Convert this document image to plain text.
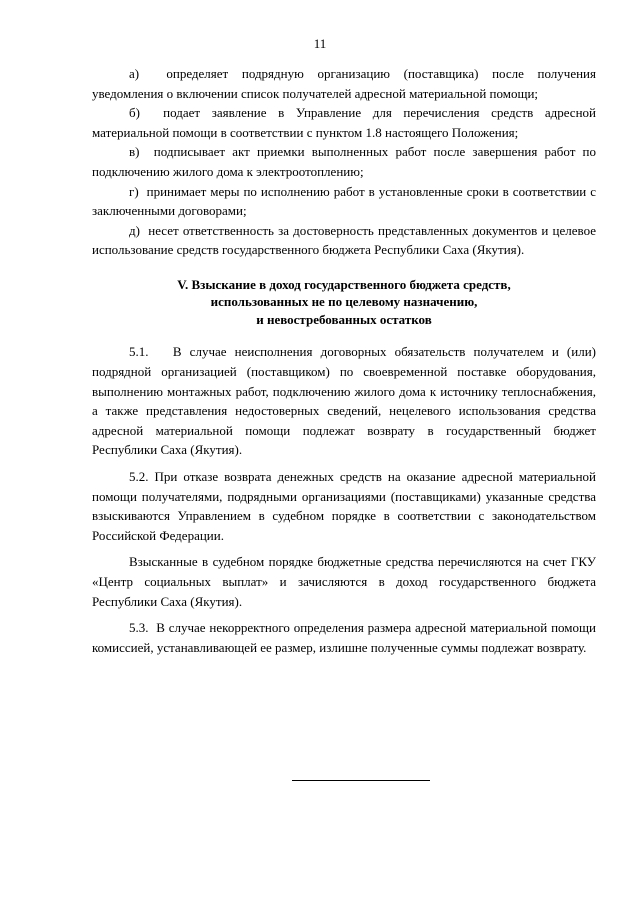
11

а)  определяет подрядную организацию (поставщика) после получения уведомления о включении список получателей адресной материальной помощи;

б)  подает заявление в Управление для перечисления средств адресной материальной помощи в соответствии с пунктом 1.8 настоящего Положения;

в)  подписывает акт приемки выполненных работ после завершения работ по подключению жилого дома к электроотоплению;

г)  принимает меры по исполнению работ в установленные сроки в соответствии с заключенными договорами;

д)  несет ответственность за достоверность представленных документов и целевое использование средств государственного бюджета Республики Саха (Якутия).

V. Взыскание в доход государственного бюджета средств,
использованных не по целевому назначению,
и невостребованных остатков

5.1.   В случае неисполнения договорных обязательств получателем и (или) подрядной организацией (поставщиком) по своевременной поставке оборудования, выполнению монтажных работ, подключению жилого дома к источнику теплоснабжения, а также представления недостоверных сведений, нецелевого использования средства адресной материальной помощи подлежат возврату в государственный бюджет Республики Саха (Якутия).

5.2. При отказе возврата денежных средств на оказание адресной материальной помощи получателями, подрядными организациями (поставщиками) указанные средства взыскиваются Управлением в судебном порядке в соответствии с законодательством Российской Федерации.

Взысканные в судебном порядке бюджетные средства перечисляются на счет ГКУ «Центр социальных выплат» и зачисляются в доход государственного бюджета Республики Саха (Якутия).

5.3.  В случае некорректного определения размера адресной материальной помощи комиссией, устанавливающей ее размер, излишне полученные суммы подлежат возврату.
